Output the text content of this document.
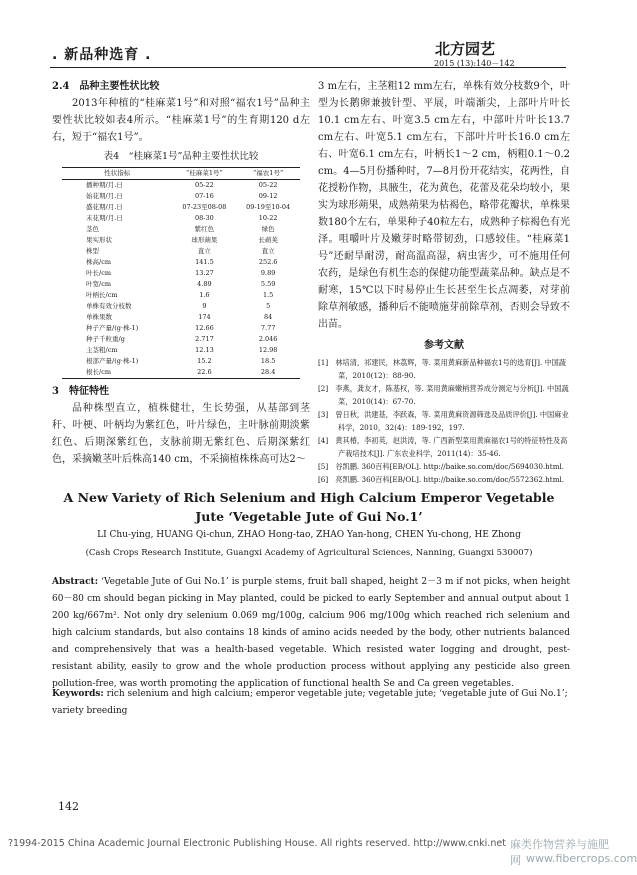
. 新品种选育 .	北方园艺
2015 (13):140－142

2.4　品种主要性状比较

2013年种植的“桂麻菜1号”和对照“福农1号”品种主要性状比较如表4所示。“桂麻菜1号”的生育期120 d左右，短于“福农1号”。

表4　“桂麻菜1号”品种主要性状比较
性状指标	“桂麻菜1号”	“福农1号”
播种期/月.日	05-22	05-22
始花期/月.日	07-16	09-12
盛花期/月.日	07-23至08-08	09-19至10-04
末花期/月.日	08-30	10-22
茎色	紫红色	绿色
果实形状	球形蒴果	长蒴荚
株型	直立	直立
株高/cm	141.5	252.6
叶长/cm	13.27	9.89
叶宽/cm	4.89	5.59
叶柄长/cm	1.6	1.5
单株有效分枝数	9	5
单株果数	174	84
种子产量/(g·株-1)	12.66	7.77
种子千粒重/g	2.717	2.046
主茎粗/cm	12.13	12.98
根部产量/(g·株-1)	15.2	18.5
根长/cm	22.6	28.4

3　特征特性

品种株型直立，植株健壮，生长势强，从基部到茎秆、叶梗、叶柄均为紫红色，叶片绿色，主叶脉前期淡紫红色、后期深紫红色，支脉前期无紫红色、后期深紫红色，采摘嫩茎叶后株高140 cm，不采摘植株株高可达2～

3 m左右，主茎粗12 mm左右，单株有效分枝数9个，叶型为长鹅卵兼披针型、平展，叶端渐尖，上部叶片叶长10.1 cm左右、叶宽3.5 cm左右，中部叶片叶长13.7 cm左右、叶宽5.1 cm左右，下部叶片叶长16.0 cm左右、叶宽6.1 cm左右，叶柄长1～2 cm，柄粗0.1～0.2 cm。4—5月份播种时，7—8月份开花结实，花两性，自花授粉作物，具腋生，花为黄色，花蕾及花朵均较小，果实为球形蒴果，成熟蒴果为枯褐色，略带花瓣状，单株果数180个左右，单果种子40粒左右，成熟种子棕褐色有光泽。咀嚼叶片及嫩芽时略带韧劲，口感较佳。“桂麻菜1号”还耐旱耐涝，耐高温高湿，病虫害少，可不施用任何农药，是绿色有机生态的保健功能型蔬菜品种。缺点是不耐寒，15℃以下时易停止生长甚至生长点凋萎，对芽前除草剂敏感，播种后不能喷施芽前除草剂，否则会导致不出苗。

参考文献

[1]　林培清，祁建民，林荔辉，等. 菜用黄麻新品种福农1号的选育[J]. 中国蔬菜，2010(12)：88-90.

[2]　李燕，龚友才，陈基权，等. 菜用黄麻嫩梢营养成分测定与分析[J]. 中国蔬菜，2010(14)：67-70.

[3]　曾日秋，洪建基，李跃森，等. 菜用黄麻资源筛选及品质评价[J]. 中国麻业科学，2010，32(4)：189-192，197.

[4]　黄其椿，李初英，赵洪涛，等. 广西新型菜用黄麻福农1号的特征特性及高产栽培技术[J]. 广东农业科学，2011(14)：35-46.

[5]　谷凯鹏. 360百科[EB/OL]. http://baike.so.com/doc/5694030.html.

[6]　亮凯鹏. 360百科[EB/OL]. http://baike.so.com/doc/5572362.html.

A New Variety of Rich Selenium and High Calcium Emperor Vegetable Jute ‘Vegetable Jute of Gui No.1’
LI Chu-ying, HUANG Qi-chun, ZHAO Hong-tao, ZHAO Yan-hong, CHEN Yu-chong, HE Zhong
(Cash Crops Research Institute, Guangxi Academy of Agricultural Sciences, Nanning, Guangxi 530007)

Abstract: ‘Vegetable Jute of Gui No.1’ is purple stems, fruit ball shaped, height 2－3 m if not picks, when height 60－80 cm should began picking in May planted, could be picked to early September and annual output about 1 200 kg/667m². Not only dry selenium 0.069 mg/100g, calcium 906 mg/100g which reached rich selenium and high calcium standards, but also contains 18 kinds of amino acids needed by the body, other nutrients balanced and comprehensively that was a health-based vegetable. Which resisted water logging and drought, pest-resistant ability, easily to grow and the whole production process without applying any pesticide also green pollution-free, was worth promoting the application of functional health Se and Ca green vegetables.

Keywords: rich selenium and high calcium; emperor vegetable jute; vegetable jute; ‘vegetable jute of Gui No.1’; variety breeding

142
?1994-2015 China Academic Journal Electronic Publishing House. All rights reserved. http://www.cnki.net 麻类作物营养与施肥网 www.fibercrops.com
